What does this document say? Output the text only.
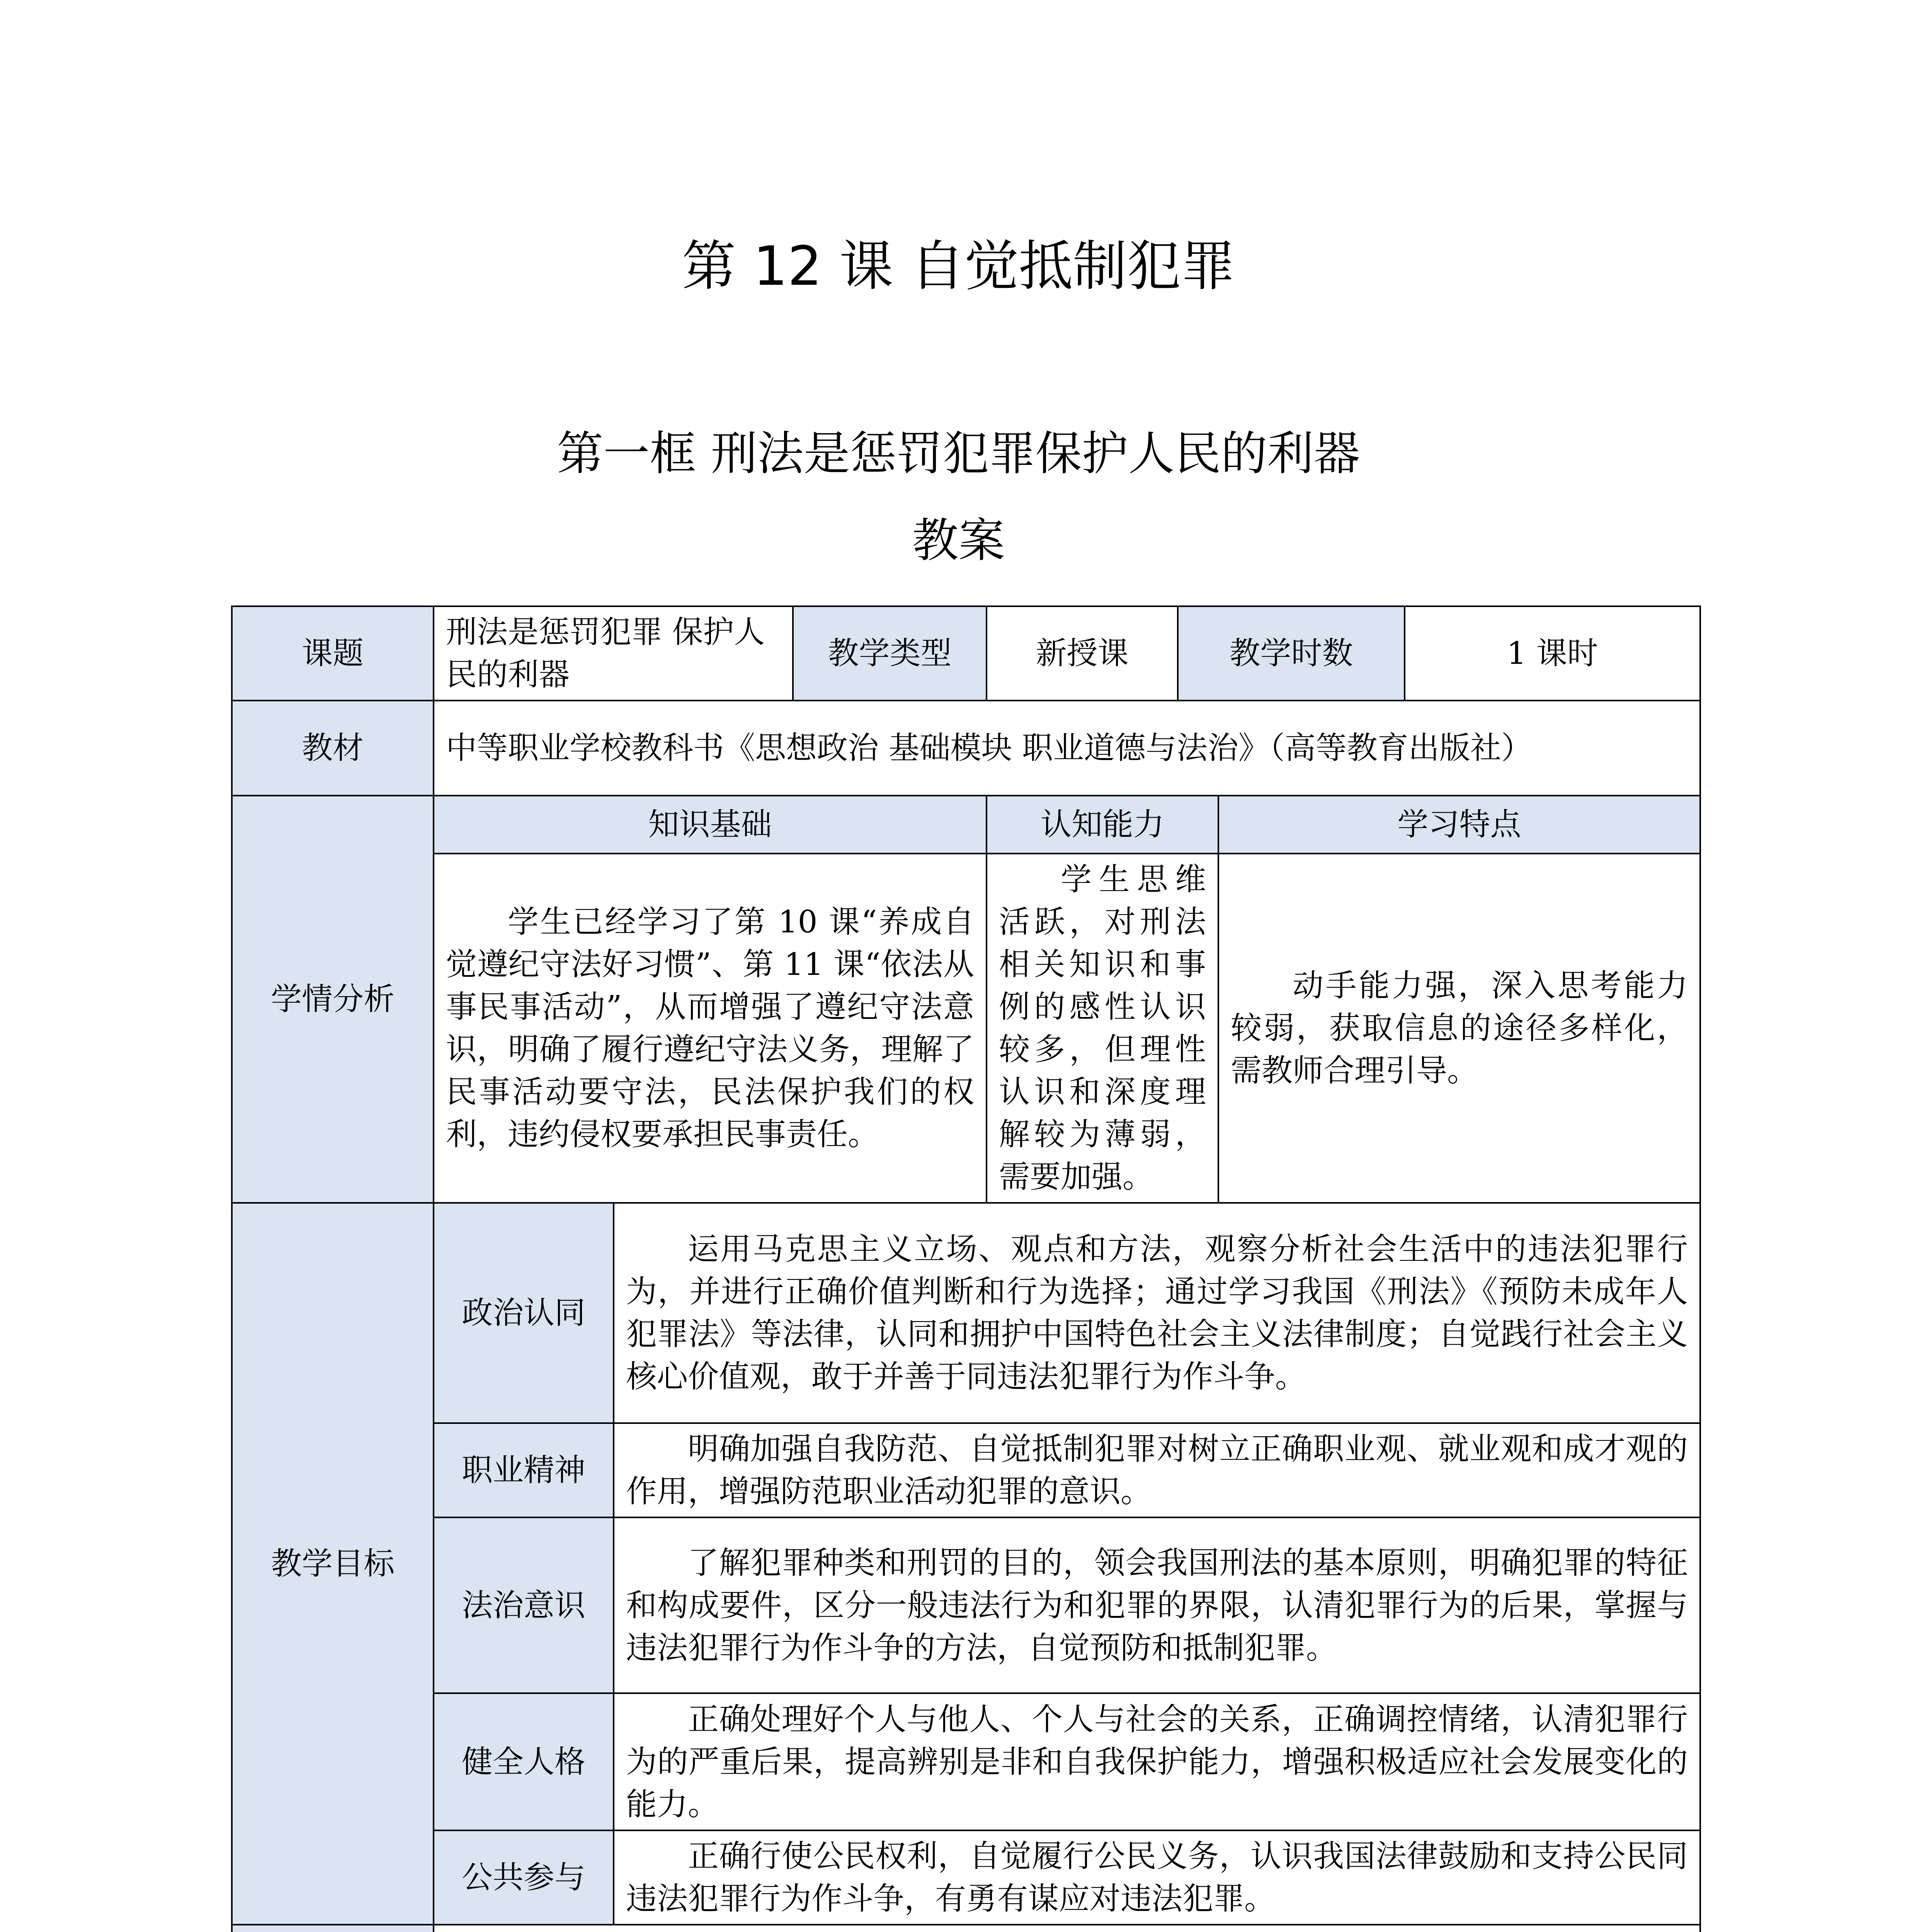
第 12 课 自觉抵制犯罪
第一框 刑法是惩罚犯罪保护人民的利器
教案
课题	刑法是惩罚犯罪 保护人民的利器		教学类型	新授课	教学时数		1 课时
教材	中等职业学校教科书《思想政治 基础模块 职业道德与法治》（高等教育出版社）						
学情分析	知识基础			认知能力		学习特点	
	学生已经学习了第 10 课“养成自觉遵纪守法好习惯”、第 11 课“依法从事民事活动”，从而增强了遵纪守法意识，明确了履行遵纪守法义务，理解了民事活动要守法，民法保护我们的权利，违约侵权要承担民事责任。			学生思维活跃，对刑法相关知识和事例的感性认识较多，但理性认识和深度理解较为薄弱，需要加强。		动手能力强，深入思考能力较弱，获取信息的途径多样化，需教师合理引导。	
教学目标	政治认同	运用马克思主义立场、观点和方法，观察分析社会生活中的违法犯罪行为，并进行正确价值判断和行为选择；通过学习我国《刑法》《预防未成年人犯罪法》等法律，认同和拥护中国特色社会主义法律制度；自觉践行社会主义核心价值观，敢于并善于同违法犯罪行为作斗争。					
	职业精神	明确加强自我防范、自觉抵制犯罪对树立正确职业观、就业观和成才观的作用，增强防范职业活动犯罪的意识。					
	法治意识	了解犯罪种类和刑罚的目的，领会我国刑法的基本原则，明确犯罪的特征和构成要件，区分一般违法行为和犯罪的界限，认清犯罪行为的后果，掌握与违法犯罪行为作斗争的方法，自觉预防和抵制犯罪。					
	健全人格	正确处理好个人与他人、个人与社会的关系，正确调控情绪，认清犯罪行为的严重后果，提高辨别是非和自我保护能力，增强积极适应社会发展变化的能力。					
	公共参与	正确行使公民权利，自觉履行公民义务，认识我国法律鼓励和支持公民同违法犯罪行为作斗争，有勇有谋应对违法犯罪。					
